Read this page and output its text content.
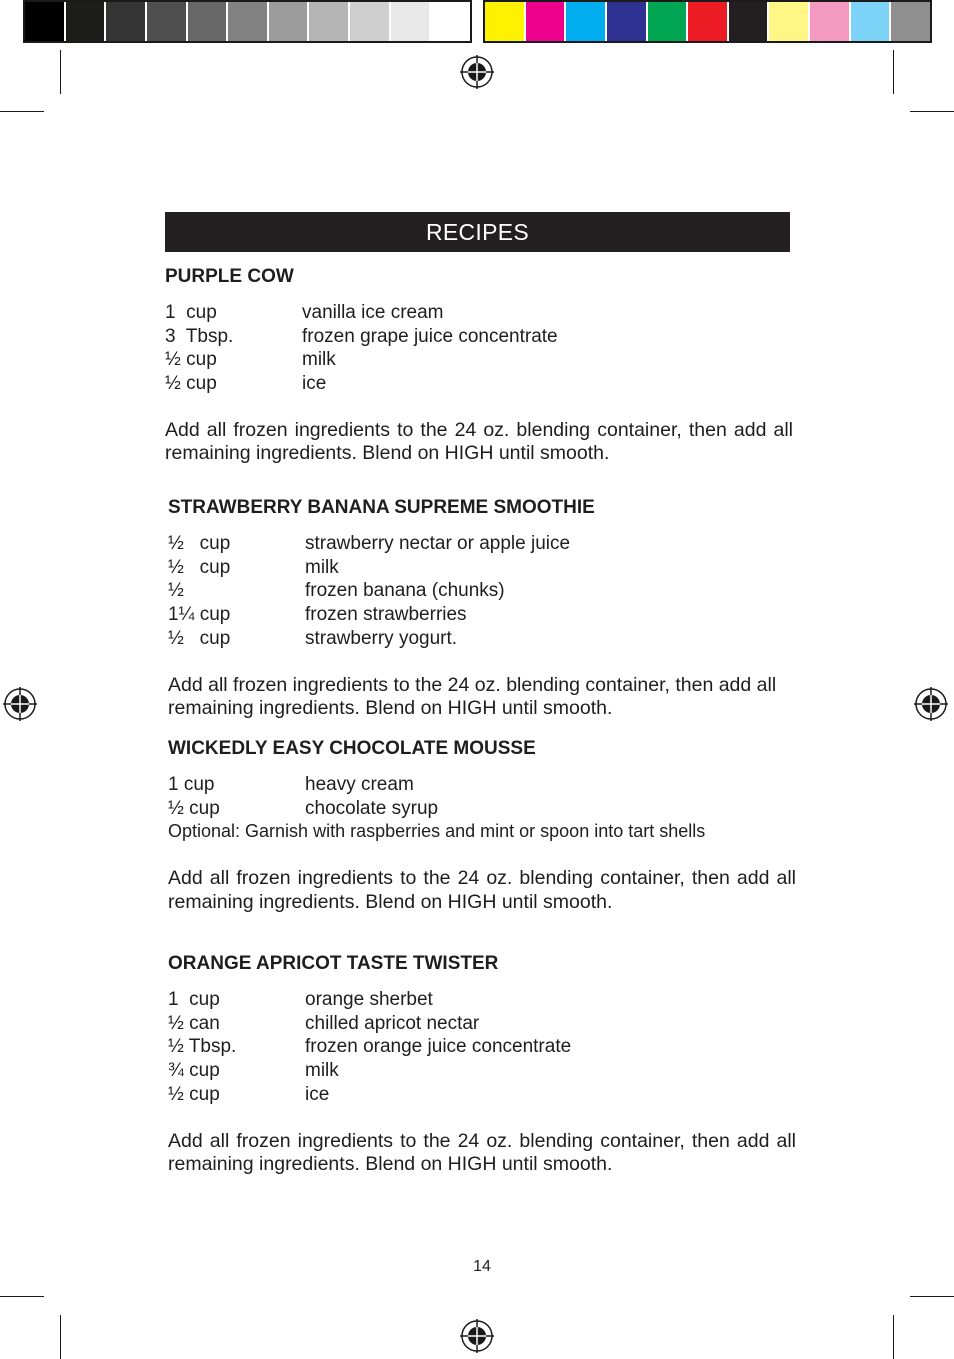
RECIPES
PURPLE COW
1  cup	vanilla ice cream
3  Tbsp.	frozen grape juice concentrate
½ cup	milk
½ cup	ice

Add all frozen ingredients to the 24 oz. blending container, then add all remaining ingredients. Blend on HIGH until smooth.

STRAWBERRY BANANA SUPREME SMOOTHIE
½   cup	strawberry nectar or apple juice
½   cup	milk
½	frozen banana (chunks)
1¼ cup	frozen strawberries
½   cup	strawberry yogurt.

Add all frozen ingredients to the 24 oz. blending container, then add all remaining ingredients. Blend on HIGH until smooth.

WICKEDLY EASY CHOCOLATE MOUSSE
1 cup	heavy cream
½ cup	chocolate syrup
Optional: Garnish with raspberries and mint or spoon into tart shells

Add all frozen ingredients to the 24 oz. blending container, then add all remaining ingredients. Blend on HIGH until smooth.

ORANGE APRICOT TASTE TWISTER
1  cup	orange sherbet
½ can	chilled apricot nectar
½ Tbsp.	frozen orange juice concentrate
¾ cup	milk
½ cup	ice

Add all frozen ingredients to the 24 oz. blending container, then add all remaining ingredients. Blend on HIGH until smooth.

14
